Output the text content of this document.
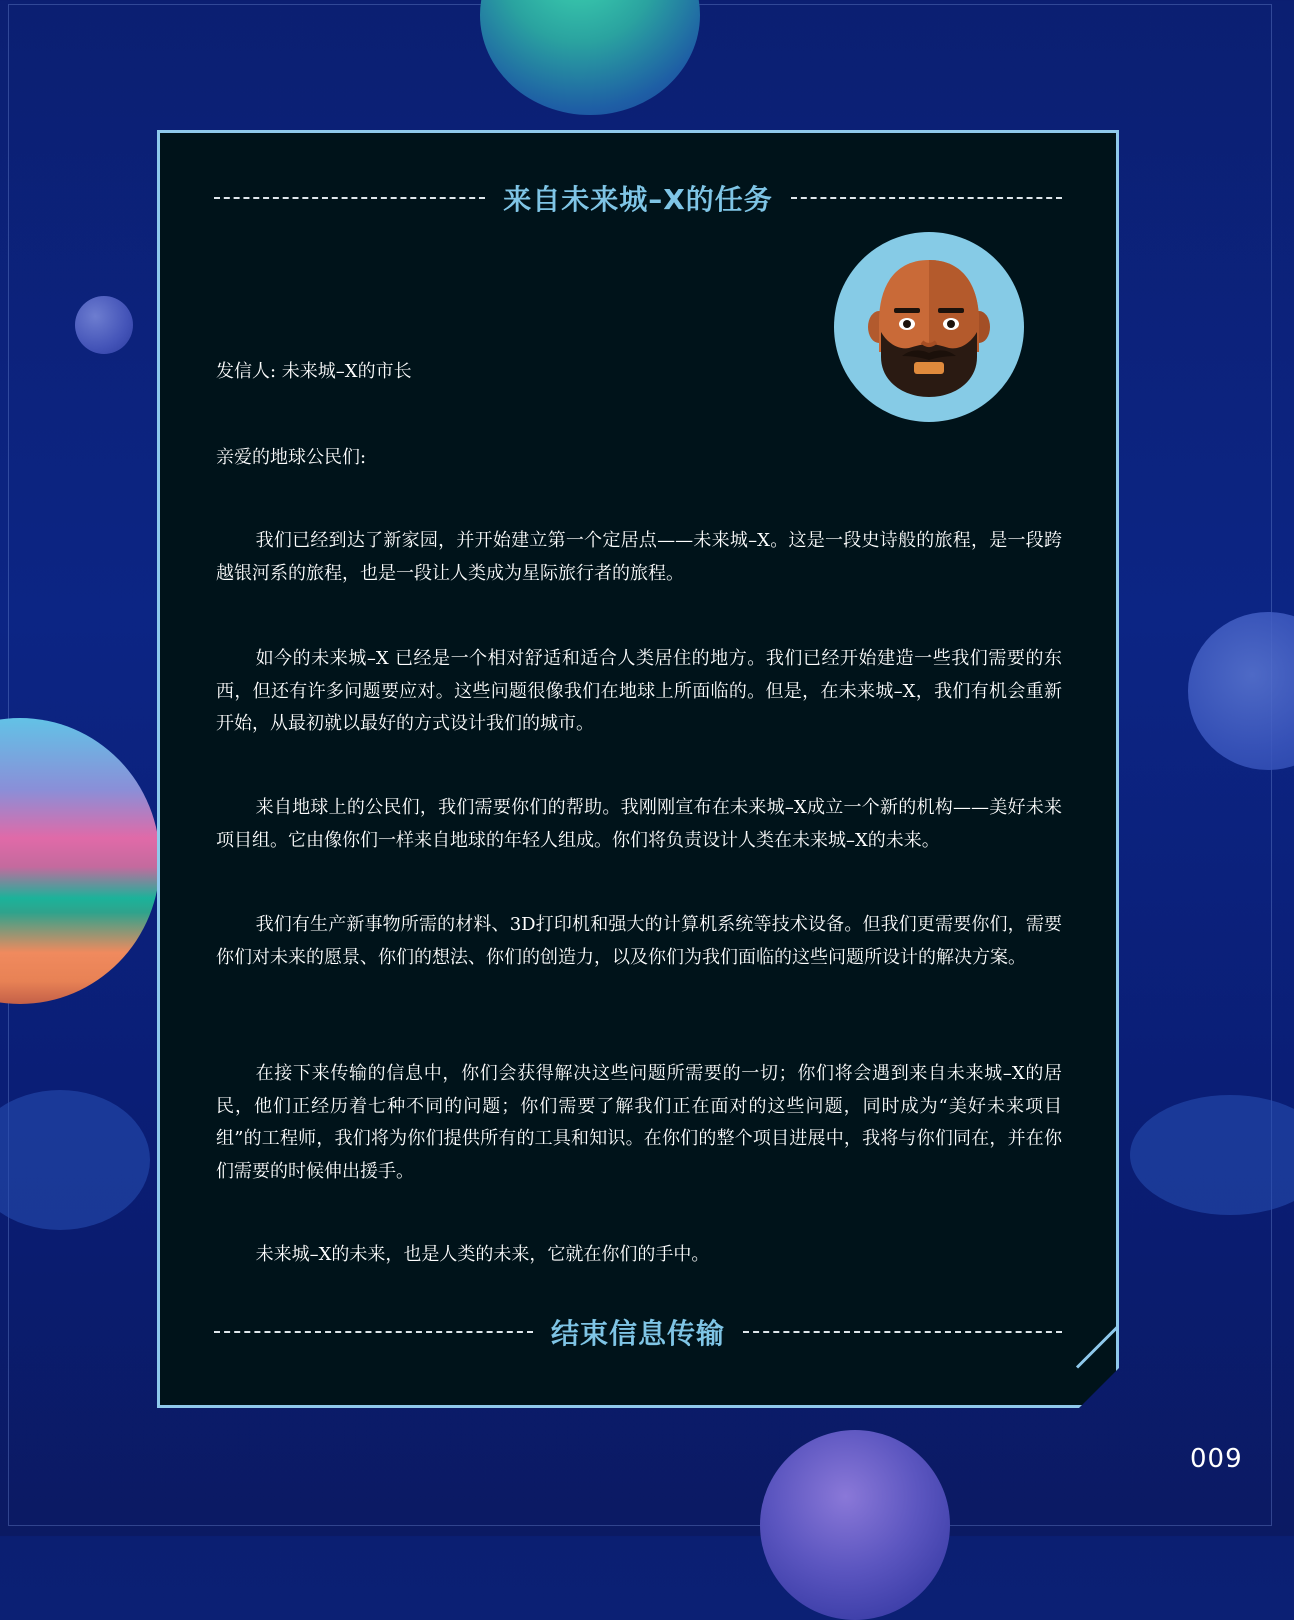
来自未来城–X的任务
发信人: 未来城–X的市长
亲爱的地球公民们:
我们已经到达了新家园，并开始建立第一个定居点——未来城–X。这是一段史诗般的旅程，是一段跨越银河系的旅程，也是一段让人类成为星际旅行者的旅程。
如今的未来城–X 已经是一个相对舒适和适合人类居住的地方。我们已经开始建造一些我们需要的东西，但还有许多问题要应对。这些问题很像我们在地球上所面临的。但是，在未来城–X，我们有机会重新开始，从最初就以最好的方式设计我们的城市。
来自地球上的公民们，我们需要你们的帮助。我刚刚宣布在未来城–X成立一个新的机构——美好未来项目组。它由像你们一样来自地球的年轻人组成。你们将负责设计人类在未来城–X的未来。
我们有生产新事物所需的材料、3D打印机和强大的计算机系统等技术设备。但我们更需要你们，需要你们对未来的愿景、你们的想法、你们的创造力，以及你们为我们面临的这些问题所设计的解决方案。
在接下来传输的信息中，你们会获得解决这些问题所需要的一切；你们将会遇到来自未来城–X的居民，他们正经历着七种不同的问题；你们需要了解我们正在面对的这些问题，同时成为“美好未来项目组”的工程师，我们将为你们提供所有的工具和知识。在你们的整个项目进展中，我将与你们同在，并在你们需要的时候伸出援手。
未来城–X的未来，也是人类的未来，它就在你们的手中。
结束信息传输
009
